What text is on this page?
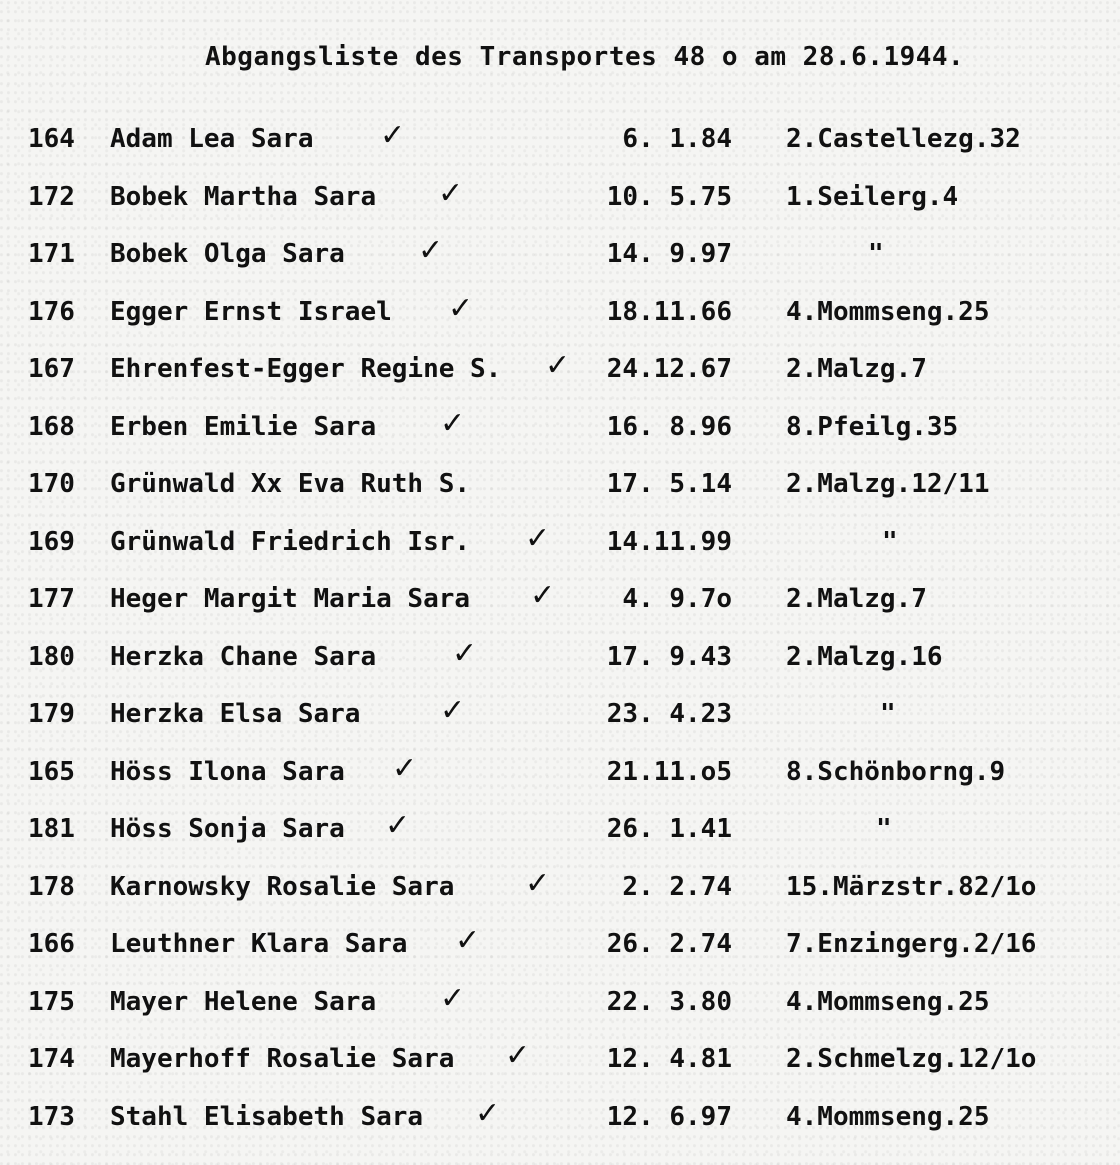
Abgangsliste des Transportes 48 o am 28.6.1944.
164	Adam Lea Sara ✓	6. 1.84 2.Castellezg.32
172	Bobek Martha Sara ✓	10. 5.75 1.Seilerg.4
171	Bobek Olga Sara ✓	14. 9.97	"
176	Egger Ernst Israel ✓	18.11.66 4.Mommseng.25
167	Ehrenfest-Egger Regine S. ✓	24.12.67 2.Malzg.7
168	Erben Emilie Sara ✓	16. 8.96 8.Pfeilg.35
170	Grünwald Xx Eva Ruth S.	17. 5.14 2.Malzg.12/11
169	Grünwald Friedrich Isr. ✓	14.11.99	"
177	Heger Margit Maria Sara ✓	4. 9.7o 2.Malzg.7
180	Herzka Chane Sara	✓	17. 9.43 2.Malzg.16
179	Herzka Elsa Sara	✓	23. 4.23	"
165	Höss Ilona Sara ✓	21.11.o5 8.Schönborng.9
181	Höss Sonja Sara ✓	26. 1.41	"
178	Karnowsky Rosalie Sara ✓	2. 2.74 15.Märzstr.82/1o
166	Leuthner Klara Sara ✓	26. 2.74 7.Enzingerg.2/16
175	Mayer Helene Sara ✓	22. 3.80 4.Mommseng.25
174	Mayerhoff Rosalie Sara ✓	12. 4.81 2.Schmelzg.12/1o
173	Stahl Elisabeth Sara ✓	12. 6.97 4.Mommseng.25
